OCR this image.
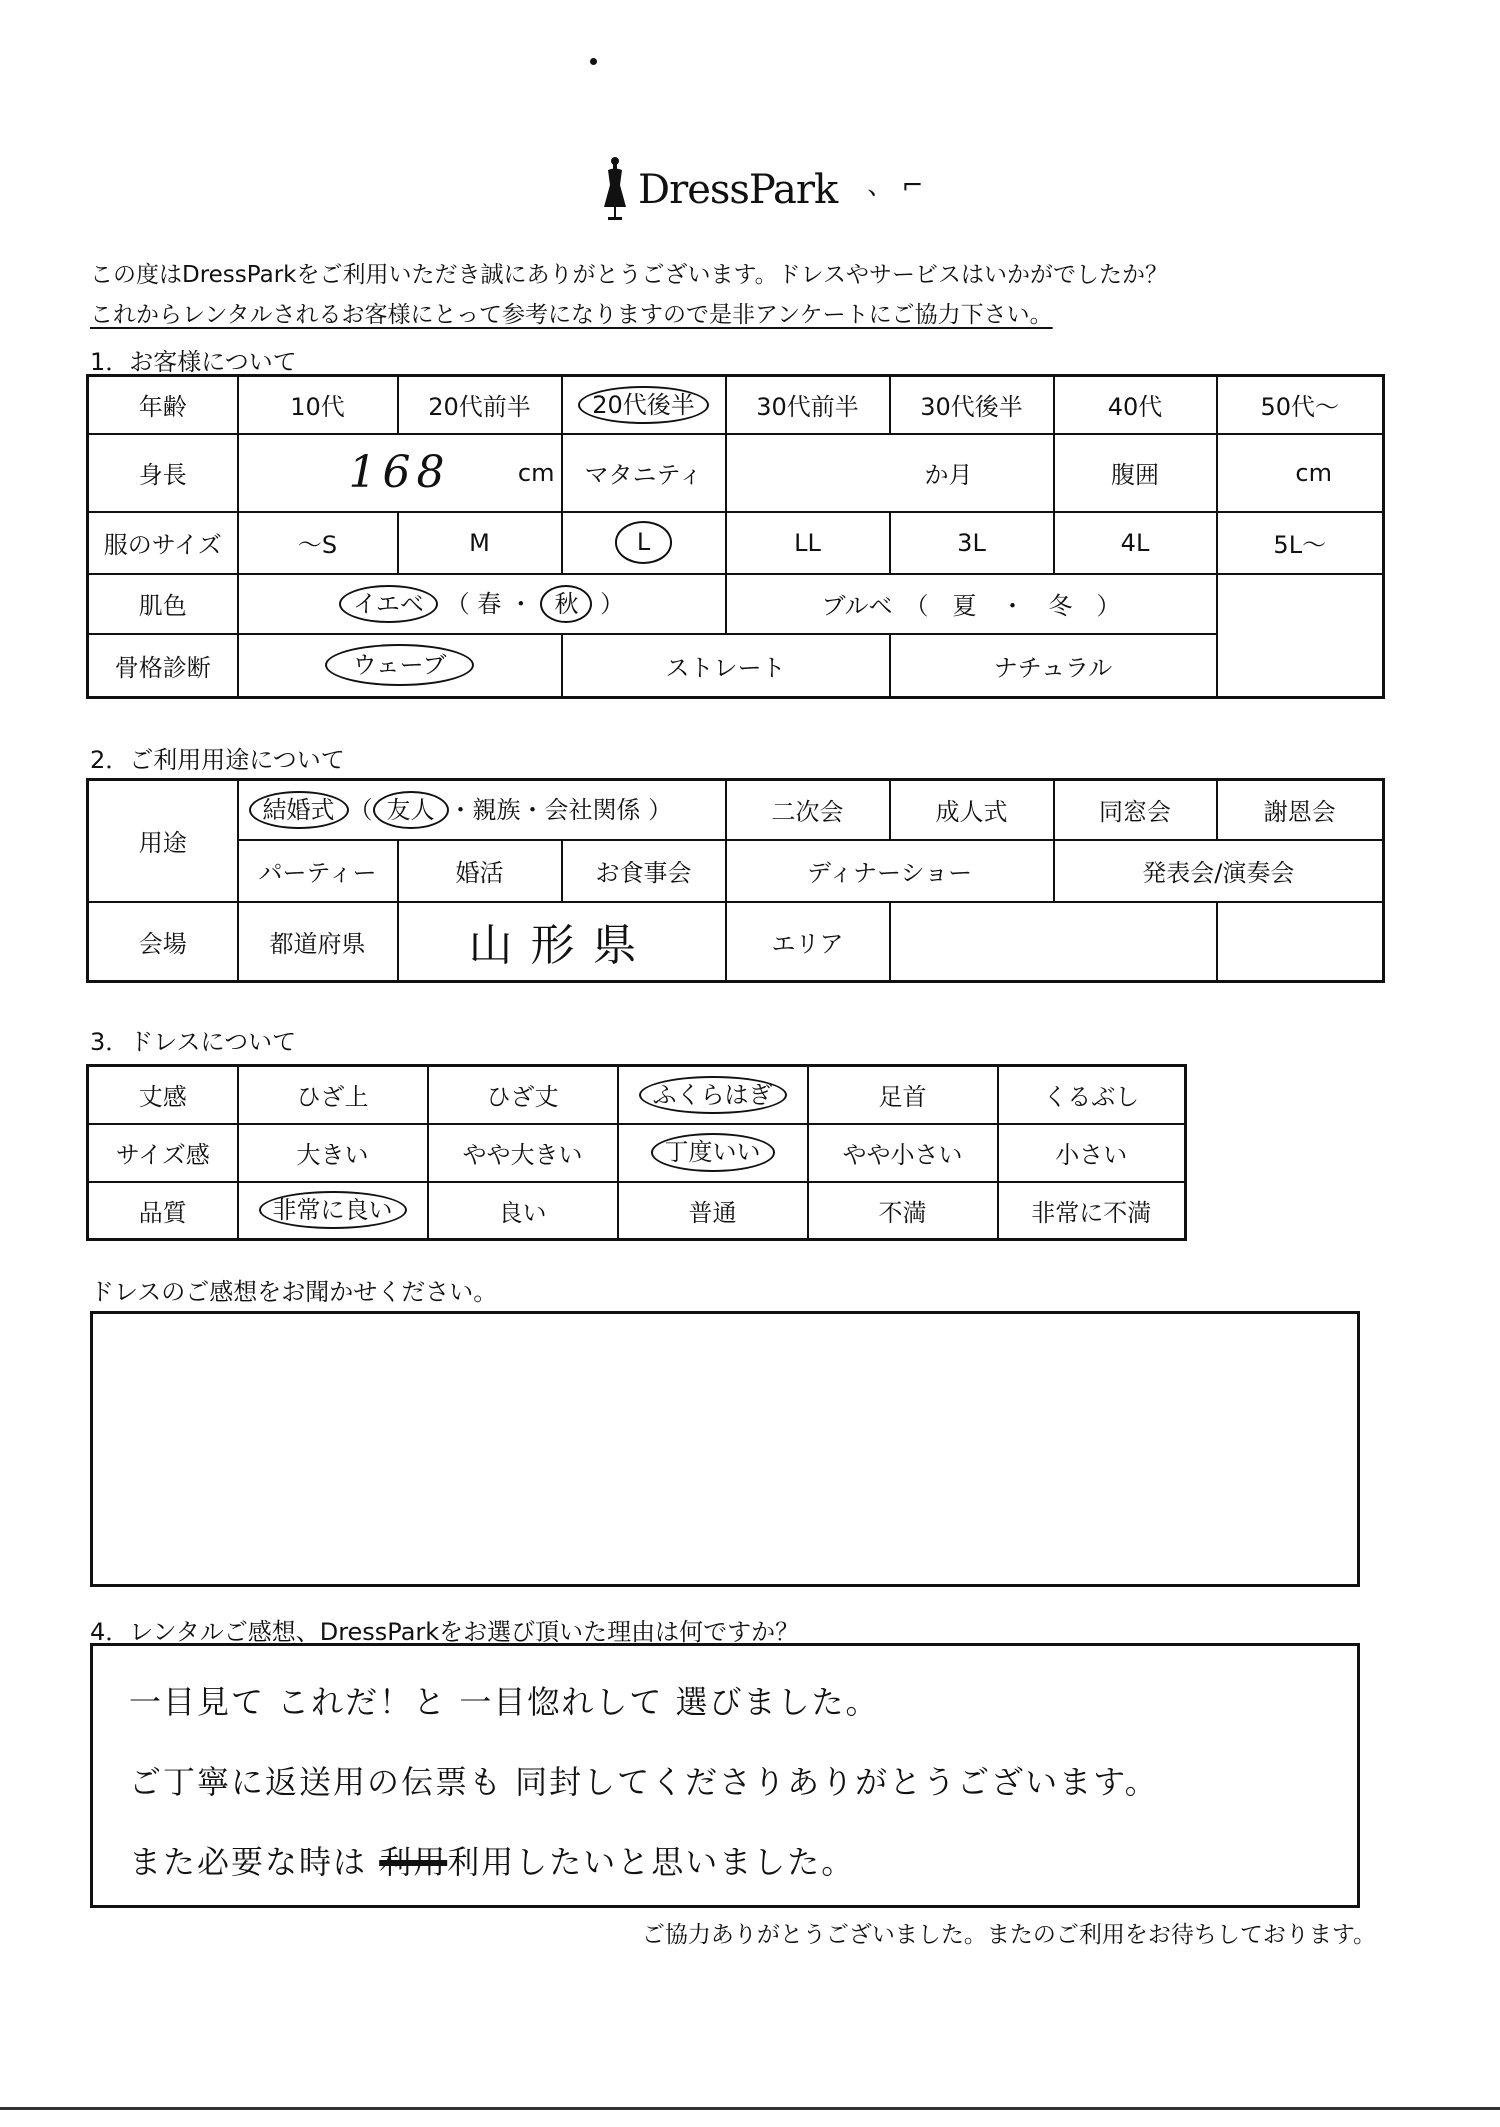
DressPark 、 ⌐
この度はDressParkをご利用いただき誠にありがとうございます。ドレスやサービスはいかがでしたか？
これからレンタルされるお客様にとって参考になりますので是非アンケートにご協力下さい。
1．お客様について
年齢	10代	20代前半	20代後半	30代前半	30代後半	40代	50代～
身長	168 cm		マタニティ	か月		腹囲	cm
服のサイズ	～S	M	L	LL	3L	4L	5L～
肌色	イエベ （ 春 ・ 秋 ）			ブルベ　（　夏　・　冬　）			
骨格診断	ウェーブ		ストレート		ナチュラル		
2．ご利用用途について
用途	結婚式 （ 友人 ・親族・会社関係 ）			二次会	成人式	同窓会	謝恩会
	パーティー	婚活	お食事会	ディナーショー		発表会/演奏会	
会場	都道府県	山形県		エリア			
3．ドレスについて
丈感	ひざ上	ひざ丈	ふくらはぎ	足首	くるぶし
サイズ感	大きい	やや大きい	丁度いい	やや小さい	小さい
品質	非常に良い	良い	普通	不満	非常に不満
ドレスのご感想をお聞かせください。
4．レンタルご感想、DressParkをお選び頂いた理由は何ですか？
一目見て これだ！と 一目惚れして 選びました。
ご丁寧に返送用の伝票も 同封してくださりありがとうございます。
また必要な時は 利用利用したいと思いました。
ご協力ありがとうございました。またのご利用をお待ちしております。
